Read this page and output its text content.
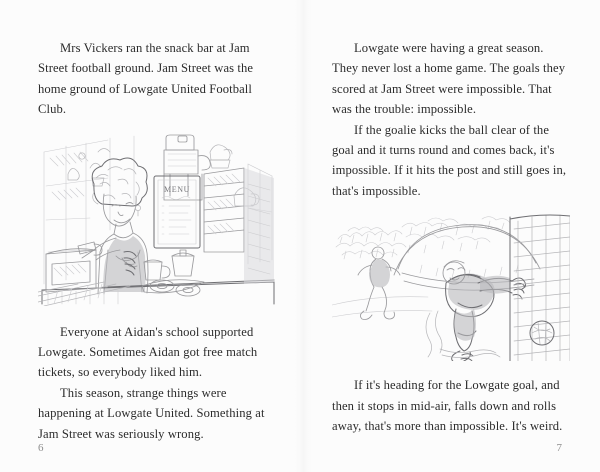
Mrs Vickers ran the snack bar at Jam Street football ground. Jam Street was the home ground of Lowgate United Football Club.

MENU

Everyone at Aidan's school supported Lowgate. Sometimes Aidan got free match tickets, so everybody liked him.

This season, strange things were happening at Lowgate United. Something at Jam Street was seriously wrong.

6

Lowgate were having a great season. They never lost a home game. The goals they scored at Jam Street were impossible. That was the trouble: impossible.

If the goalie kicks the ball clear of the goal and it turns round and comes back, it's impossible. If it hits the post and still goes in, that's impossible.

If it's heading for the Lowgate goal, and then it stops in mid-air, falls down and rolls away, that's more than impossible. It's weird.

7
